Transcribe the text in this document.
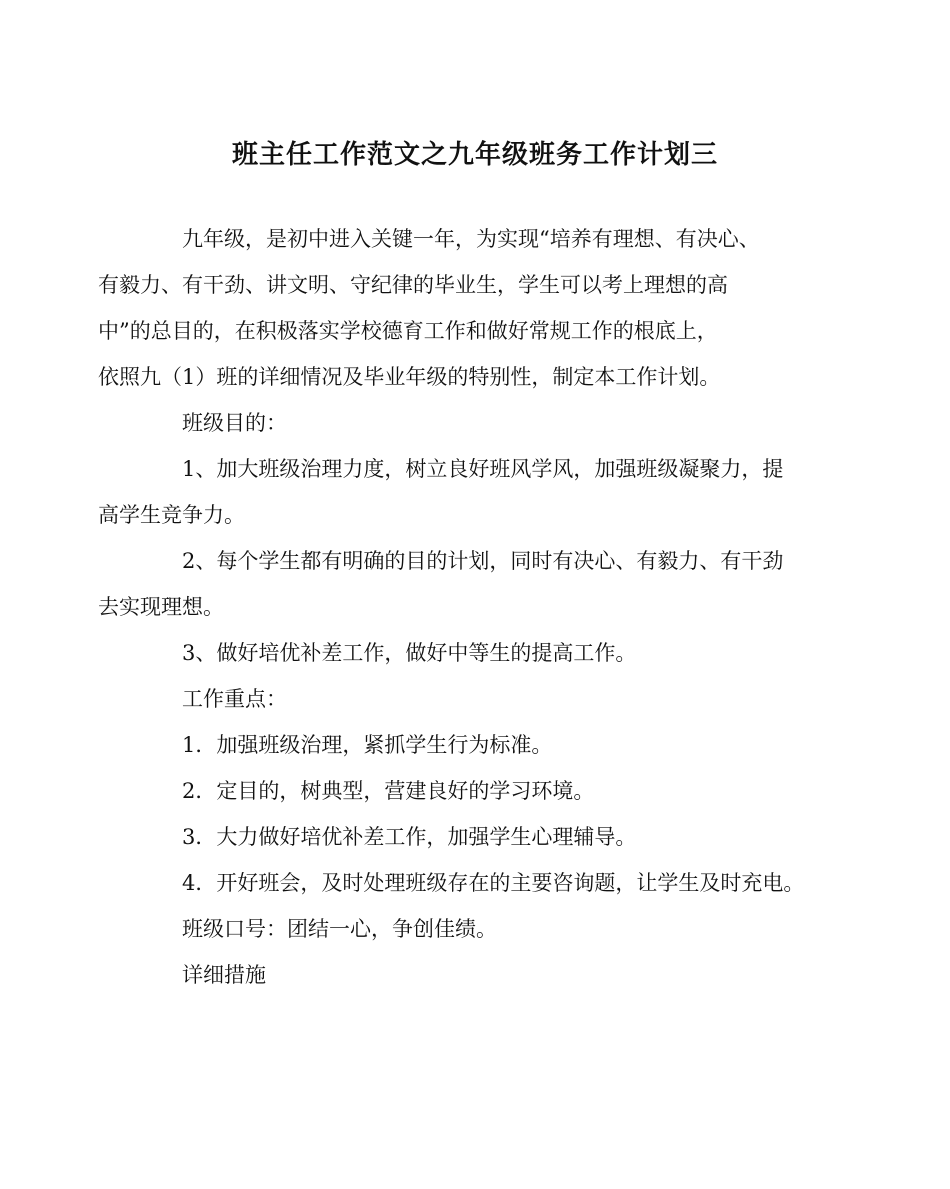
班主任工作范文之九年级班务工作计划三

九年级，是初中进入关键一年，为实现“培养有理想、有决心、
有毅力、有干劲、讲文明、守纪律的毕业生，学生可以考上理想的高
中”的总目的，在积极落实学校德育工作和做好常规工作的根底上，
依照九（1）班的详细情况及毕业年级的特别性，制定本工作计划。

班级目的：

1、加大班级治理力度，树立良好班风学风，加强班级凝聚力，提
高学生竞争力。

2、每个学生都有明确的目的计划，同时有决心、有毅力、有干劲
去实现理想。

3、做好培优补差工作，做好中等生的提高工作。

工作重点：

1．加强班级治理，紧抓学生行为标准。

2．定目的，树典型，营建良好的学习环境。

3．大力做好培优补差工作，加强学生心理辅导。

4．开好班会，及时处理班级存在的主要咨询题，让学生及时充电。

班级口号：团结一心，争创佳绩。

详细措施
